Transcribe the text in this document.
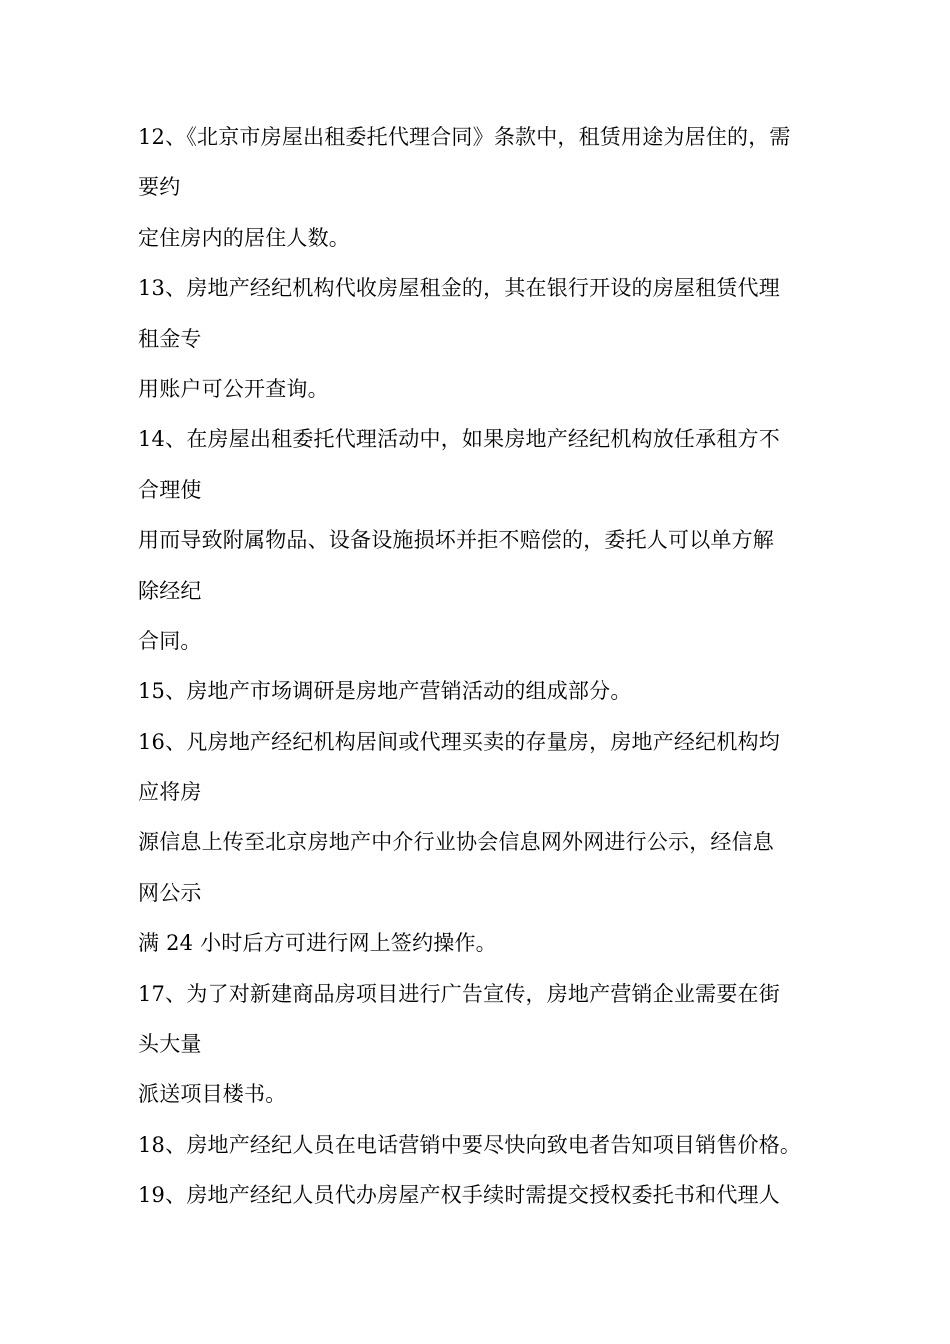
12、《北京市房屋出租委托代理合同》条款中，租赁用途为居住的，需
要约
定住房内的居住人数。
13、房地产经纪机构代收房屋租金的，其在银行开设的房屋租赁代理
租金专
用账户可公开查询。
14、在房屋出租委托代理活动中，如果房地产经纪机构放任承租方不
合理使
用而导致附属物品、设备设施损坏并拒不赔偿的，委托人可以单方解
除经纪
合同。
15、房地产市场调研是房地产营销活动的组成部分。
16、凡房地产经纪机构居间或代理买卖的存量房，房地产经纪机构均
应将房
源信息上传至北京房地产中介行业协会信息网外网进行公示，经信息
网公示
满 24 小时后方可进行网上签约操作。
17、为了对新建商品房项目进行广告宣传，房地产营销企业需要在街
头大量
派送项目楼书。
18、房地产经纪人员在电话营销中要尽快向致电者告知项目销售价格。
19、房地产经纪人员代办房屋产权手续时需提交授权委托书和代理人
